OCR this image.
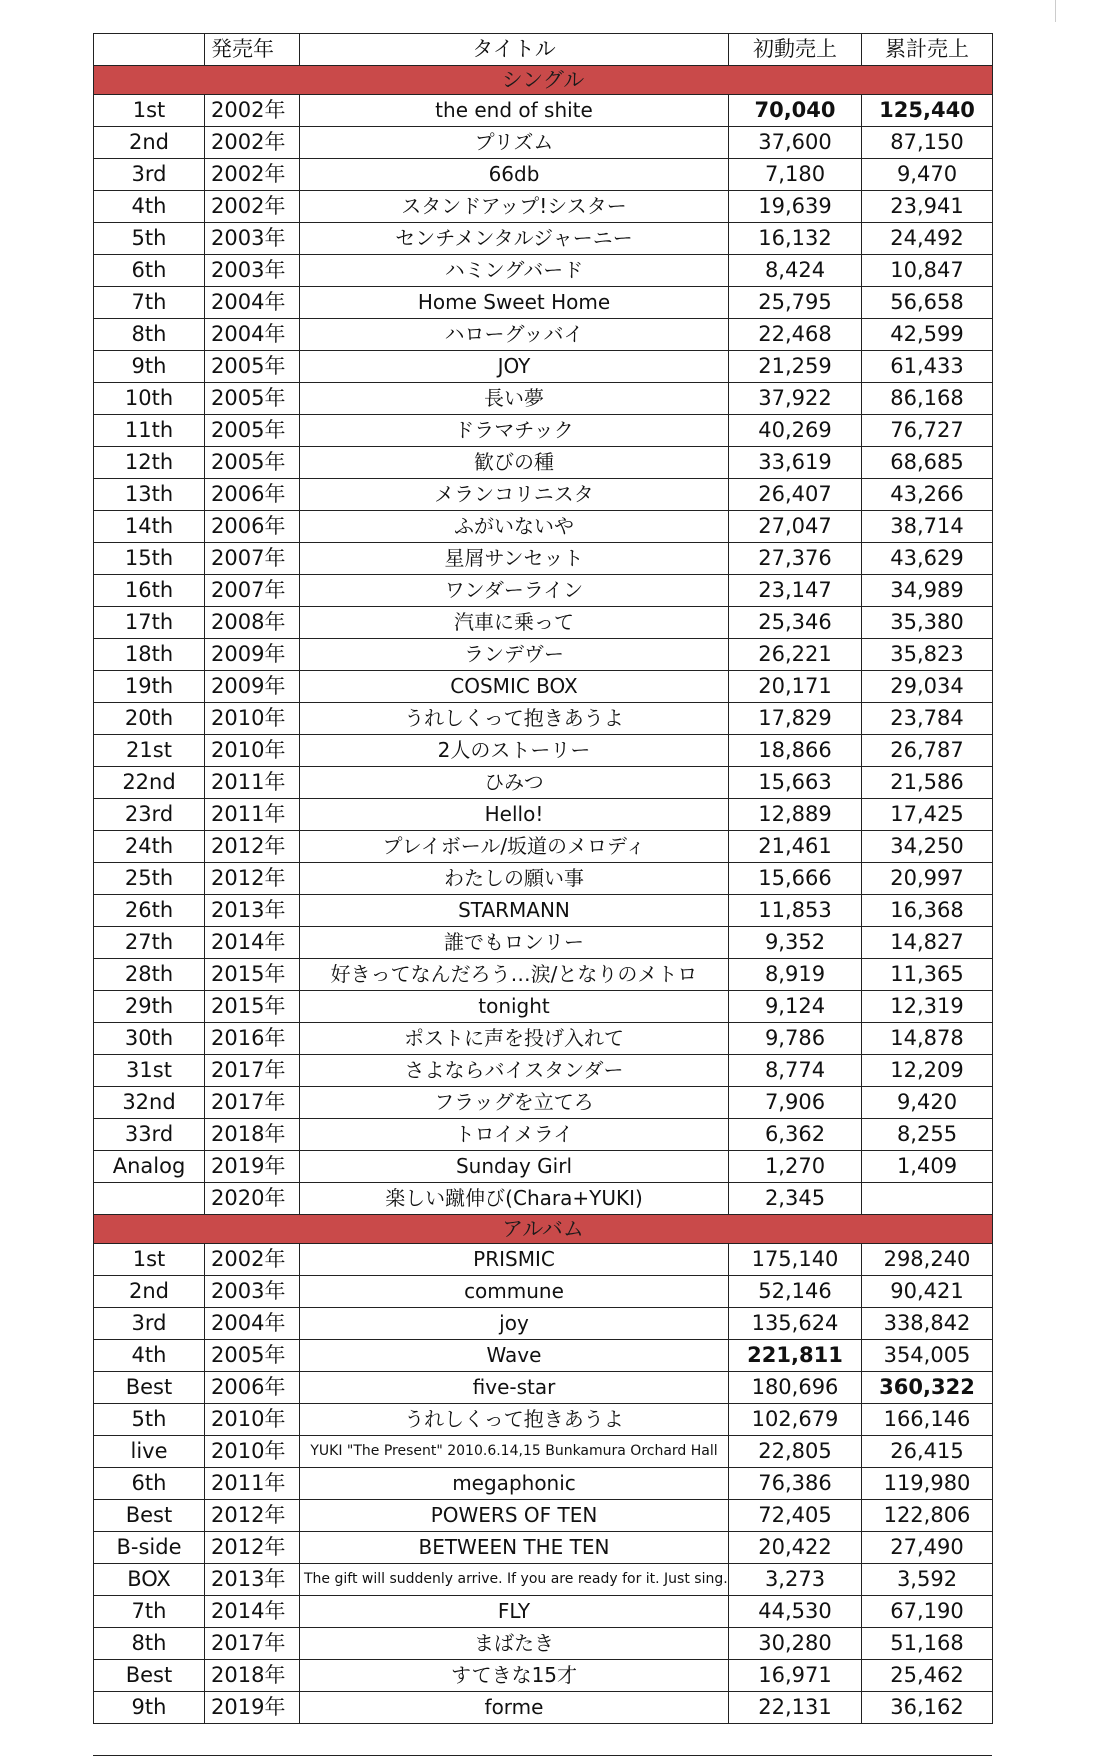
	発売年	タイトル	初動売上	累計売上
シングル				
1st	2002年	the end of shite	70,040	125,440
2nd	2002年	プリズム	37,600	87,150
3rd	2002年	66db	7,180	9,470
4th	2002年	スタンドアップ!シスター	19,639	23,941
5th	2003年	センチメンタルジャーニー	16,132	24,492
6th	2003年	ハミングバード	8,424	10,847
7th	2004年	Home Sweet Home	25,795	56,658
8th	2004年	ハローグッバイ	22,468	42,599
9th	2005年	JOY	21,259	61,433
10th	2005年	長い夢	37,922	86,168
11th	2005年	ドラマチック	40,269	76,727
12th	2005年	歓びの種	33,619	68,685
13th	2006年	メランコリニスタ	26,407	43,266
14th	2006年	ふがいないや	27,047	38,714
15th	2007年	星屑サンセット	27,376	43,629
16th	2007年	ワンダーライン	23,147	34,989
17th	2008年	汽車に乗って	25,346	35,380
18th	2009年	ランデヴー	26,221	35,823
19th	2009年	COSMIC BOX	20,171	29,034
20th	2010年	うれしくって抱きあうよ	17,829	23,784
21st	2010年	2人のストーリー	18,866	26,787
22nd	2011年	ひみつ	15,663	21,586
23rd	2011年	Hello!	12,889	17,425
24th	2012年	プレイボール/坂道のメロディ	21,461	34,250
25th	2012年	わたしの願い事	15,666	20,997
26th	2013年	STARMANN	11,853	16,368
27th	2014年	誰でもロンリー	9,352	14,827
28th	2015年	好きってなんだろう…涙/となりのメトロ	8,919	11,365
29th	2015年	tonight	9,124	12,319
30th	2016年	ポストに声を投げ入れて	9,786	14,878
31st	2017年	さよならバイスタンダー	8,774	12,209
32nd	2017年	フラッグを立てろ	7,906	9,420
33rd	2018年	トロイメライ	6,362	8,255
Analog	2019年	Sunday Girl	1,270	1,409
	2020年	楽しい蹴伸び(Chara+YUKI)	2,345	
アルバム				
1st	2002年	PRISMIC	175,140	298,240
2nd	2003年	commune	52,146	90,421
3rd	2004年	joy	135,624	338,842
4th	2005年	Wave	221,811	354,005
Best	2006年	five-star	180,696	360,322
5th	2010年	うれしくって抱きあうよ	102,679	166,146
live	2010年	YUKI "The Present" 2010.6.14,15 Bunkamura Orchard Hall	22,805	26,415
6th	2011年	megaphonic	76,386	119,980
Best	2012年	POWERS OF TEN	72,405	122,806
B-side	2012年	BETWEEN THE TEN	20,422	27,490
BOX	2013年	The gift will suddenly arrive. If you are ready for it. Just sing.	3,273	3,592
7th	2014年	FLY	44,530	67,190
8th	2017年	まばたき	30,280	51,168
Best	2018年	すてきな15才	16,971	25,462
9th	2019年	forme	22,131	36,162
